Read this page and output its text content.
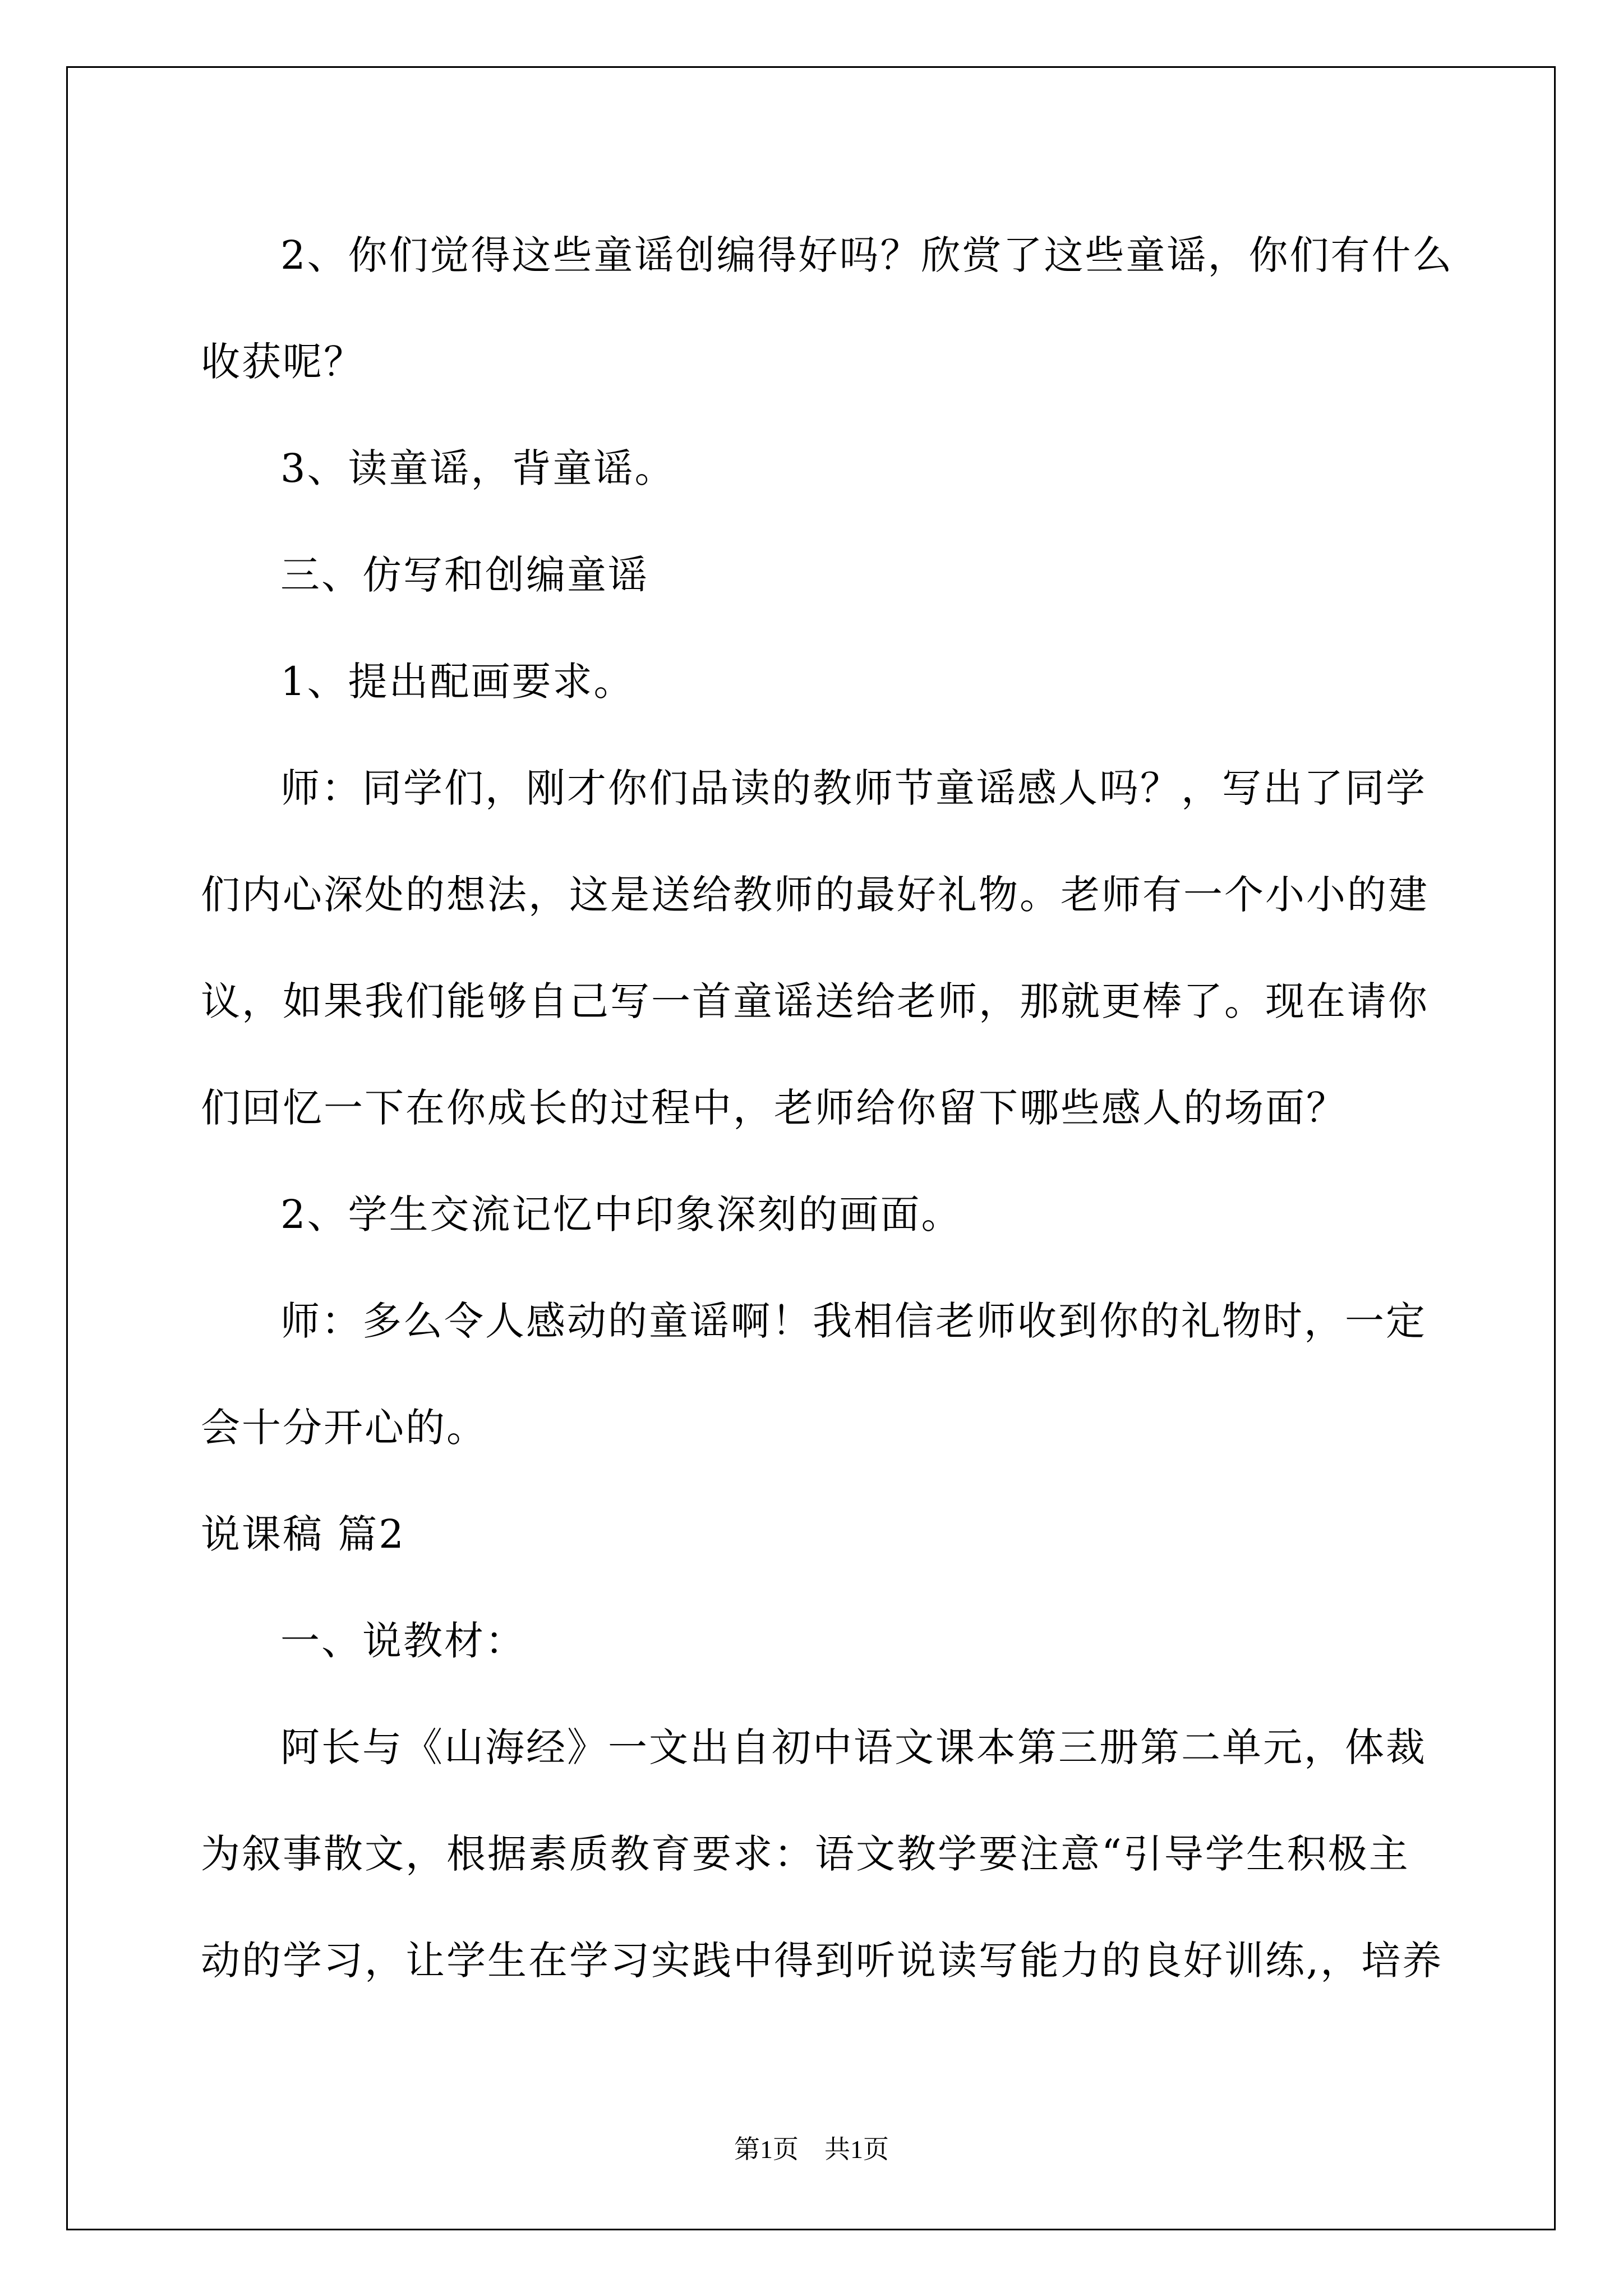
2、你们觉得这些童谣创编得好吗？欣赏了这些童谣，你们有什么
收获呢？
3、读童谣，背童谣。
三、仿写和创编童谣
1、提出配画要求。
师：同学们，刚才你们品读的教师节童谣感人吗？，写出了同学
们内心深处的想法，这是送给教师的最好礼物。老师有一个小小的建
议，如果我们能够自己写一首童谣送给老师，那就更棒了。现在请你
们回忆一下在你成长的过程中，老师给你留下哪些感人的场面？
2、学生交流记忆中印象深刻的画面。
师：多么令人感动的童谣啊！我相信老师收到你的礼物时，一定
会十分开心的。
说课稿 篇2
一、说教材：
阿长与《山海经》一文出自初中语文课本第三册第二单元，体裁
为叙事散文，根据素质教育要求：语文教学要注意“引导学生积极主
动的学习，让学生在学习实践中得到听说读写能力的良好训练,，培养
第1页　共1页
